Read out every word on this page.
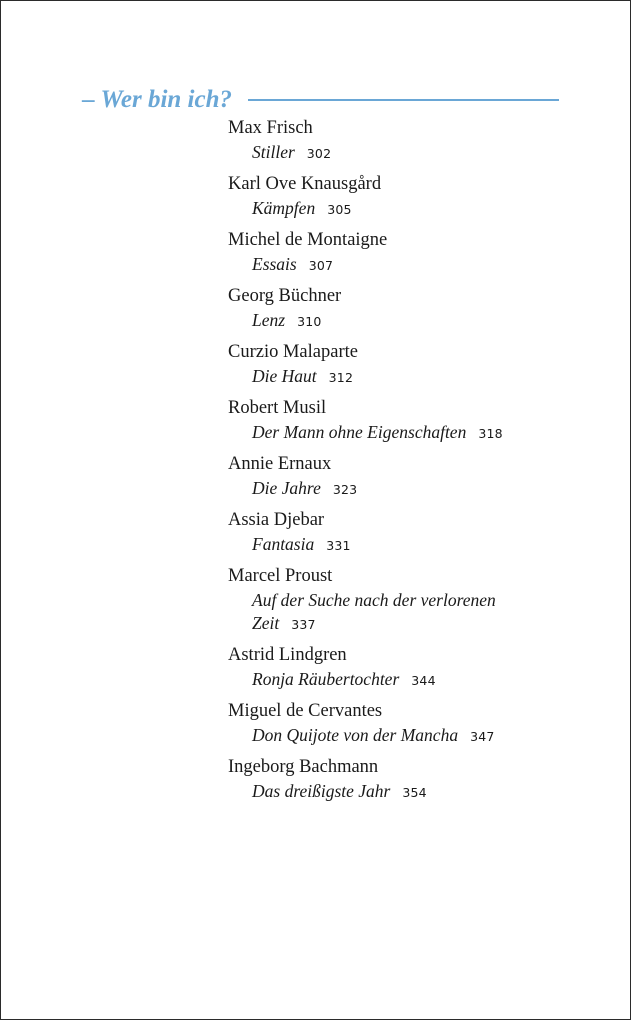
– Wer bin ich?
Max Frisch
Stiller 302
Karl Ove Knausgård
Kämpfen 305
Michel de Montaigne
Essais 307
Georg Büchner
Lenz 310
Curzio Malaparte
Die Haut 312
Robert Musil
Der Mann ohne Eigenschaften 318
Annie Ernaux
Die Jahre 323
Assia Djebar
Fantasia 331
Marcel Proust
Auf der Suche nach der verlorenen Zeit 337
Astrid Lindgren
Ronja Räubertochter 344
Miguel de Cervantes
Don Quijote von der Mancha 347
Ingeborg Bachmann
Das dreißigste Jahr 354
